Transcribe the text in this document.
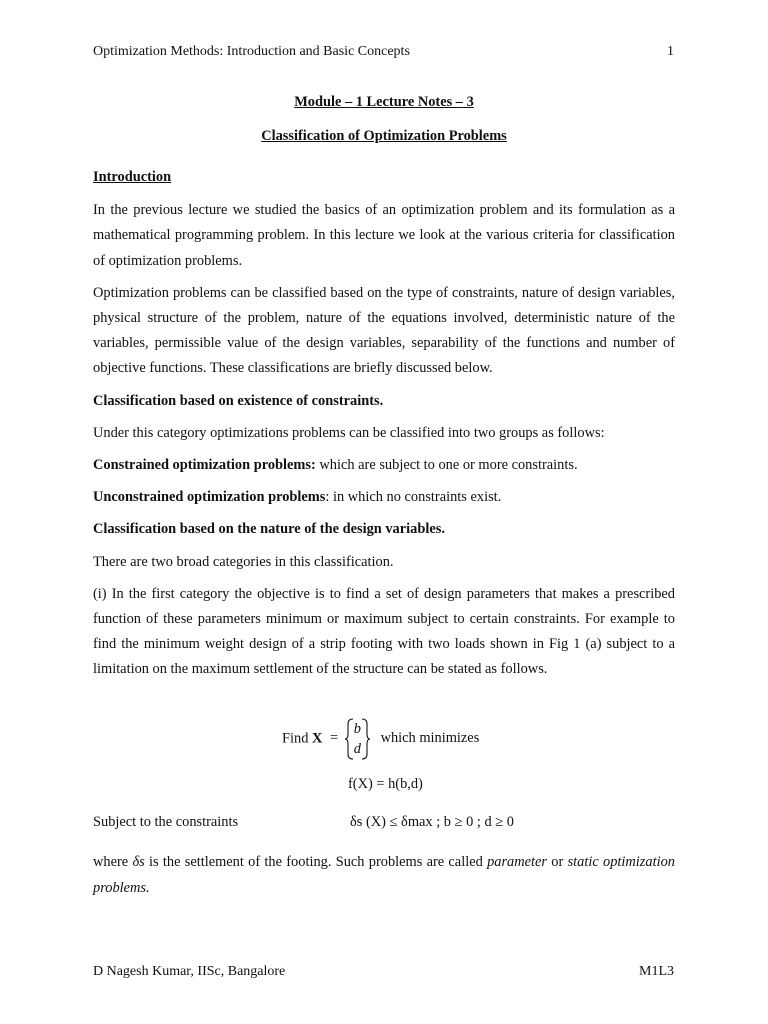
Optimization Methods: Introduction and Basic Concepts	1
Module – 1 Lecture Notes – 3
Classification of Optimization Problems

Introduction

In the previous lecture we studied the basics of an optimization problem and its formulation as a mathematical programming problem. In this lecture we look at the various criteria for classification of optimization problems.

Optimization problems can be classified based on the type of constraints, nature of design variables, physical structure of the problem, nature of the equations involved, deterministic nature of the variables, permissible value of the design variables, separability of the functions and number of objective functions. These classifications are briefly discussed below.

Classification based on existence of constraints.

Under this category optimizations problems can be classified into two groups as follows:

Constrained optimization problems: which are subject to one or more constraints.

Unconstrained optimization problems: in which no constraints exist.

Classification based on the nature of the design variables.

There are two broad categories in this classification.

(i) In the first category the objective is to find a set of design parameters that makes a prescribed function of these parameters minimum or maximum subject to certain constraints. For example to find the minimum weight design of a strip footing with two loads shown in Fig 1 (a) subject to a limitation on the maximum settlement of the structure can be stated as follows.

Find X = b
d which minimizes
f(X) = h(b,d)
Subject to the constraints	δs (X) ≤ δmax ; b ≥ 0 ; d ≥ 0

where δs is the settlement of the footing. Such problems are called parameter or static optimization problems.

D Nagesh Kumar, IISc, Bangalore	M1L3
